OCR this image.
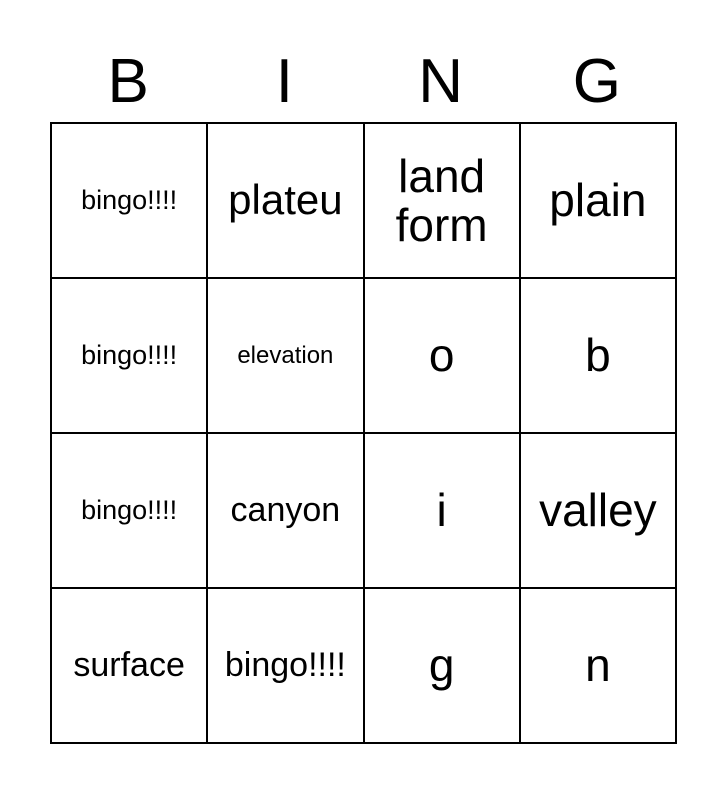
B	I	N	G
bingo!!!!	plateu	land form	plain
bingo!!!!	elevation	o	b
bingo!!!!	canyon	i	valley
surface	bingo!!!!	g	n
